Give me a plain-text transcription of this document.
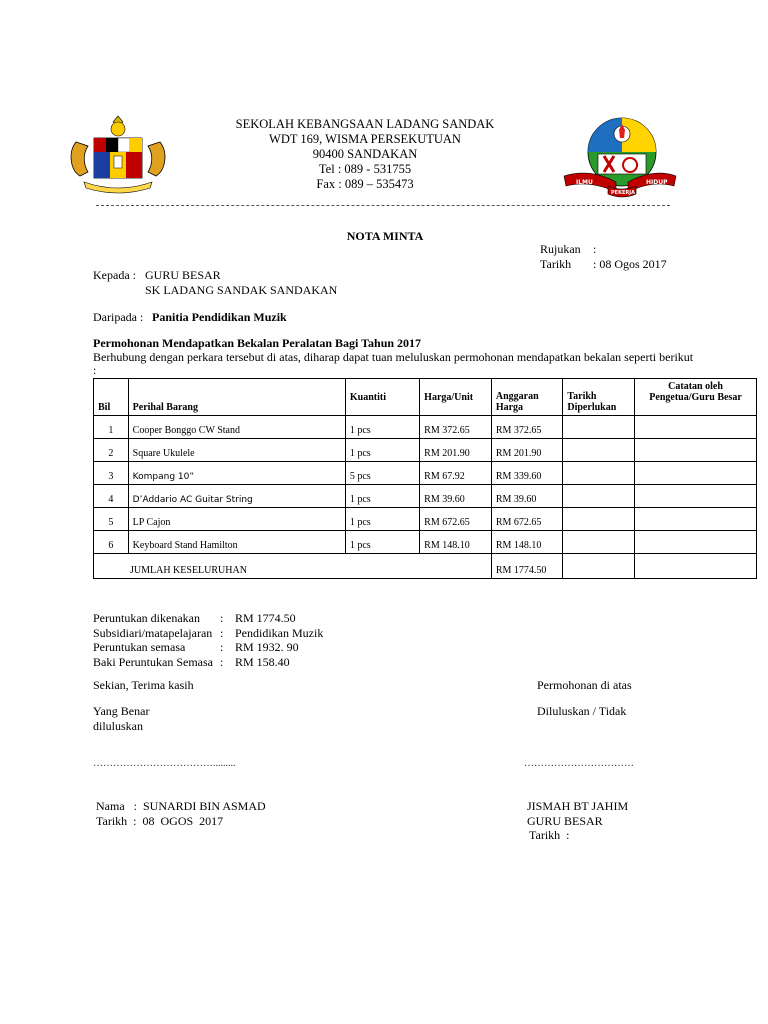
ILMU	HIDUP
PEKERJA
SEKOLAH KEBANGSAAN LADANG SANDAK
WDT 169, WISMA PERSEKUTUAN
90400 SANDAKAN
Tel : 089 - 531755
Fax : 089 – 535473
NOTA MINTA
Rujukan :
Tarikh : 08 Ogos 2017
Kepada : GURU BESAR
SK LADANG SANDAK SANDAKAN
Daripada : Panitia Pendidikan Muzik
Permohonan Mendapatkan Bekalan Peralatan Bagi Tahun 2017
Berhubung dengan perkara tersebut di atas, diharap dapat tuan meluluskan permohonan mendapatkan bekalan seperti berikut
:
Bil	Perihal Barang	Kuantiti	Harga/Unit	Anggaran Harga	Tarikh Diperlukan	Catatan oleh Pengetua/Guru Besar
1	Cooper Bonggo CW Stand	1 pcs	RM 372.65	RM 372.65		
2	Square Ukulele	1 pcs	RM 201.90	RM 201.90		
3	Kompang 10”	5 pcs	RM 67.92	RM 339.60		
4	D’Addario AC Guitar String	1 pcs	RM 39.60	RM 39.60		
5	LP Cajon	1 pcs	RM 672.65	RM 672.65		
6	Keyboard Stand Hamilton	1 pcs	RM 148.10	RM 148.10		
JUMLAH KESELURUHAN				RM 1774.50		
Peruntukan dikenakan : RM 1774.50
Subsidiari/matapelajaran : Pendidikan Muzik
Peruntukan semasa	: RM 1932. 90
Baki Peruntukan Semasa : RM 158.40
Sekian, Terima kasih
Yang Benar
diluluskan
Permohonan di atas
Diluluskan / Tidak
……………………………….........	……………………………
Nama   :  SUNARDI BIN ASMAD
Tarikh  :  08  OGOS  2017
JISMAH BT JAHIM
GURU BESAR
Tarikh  :
